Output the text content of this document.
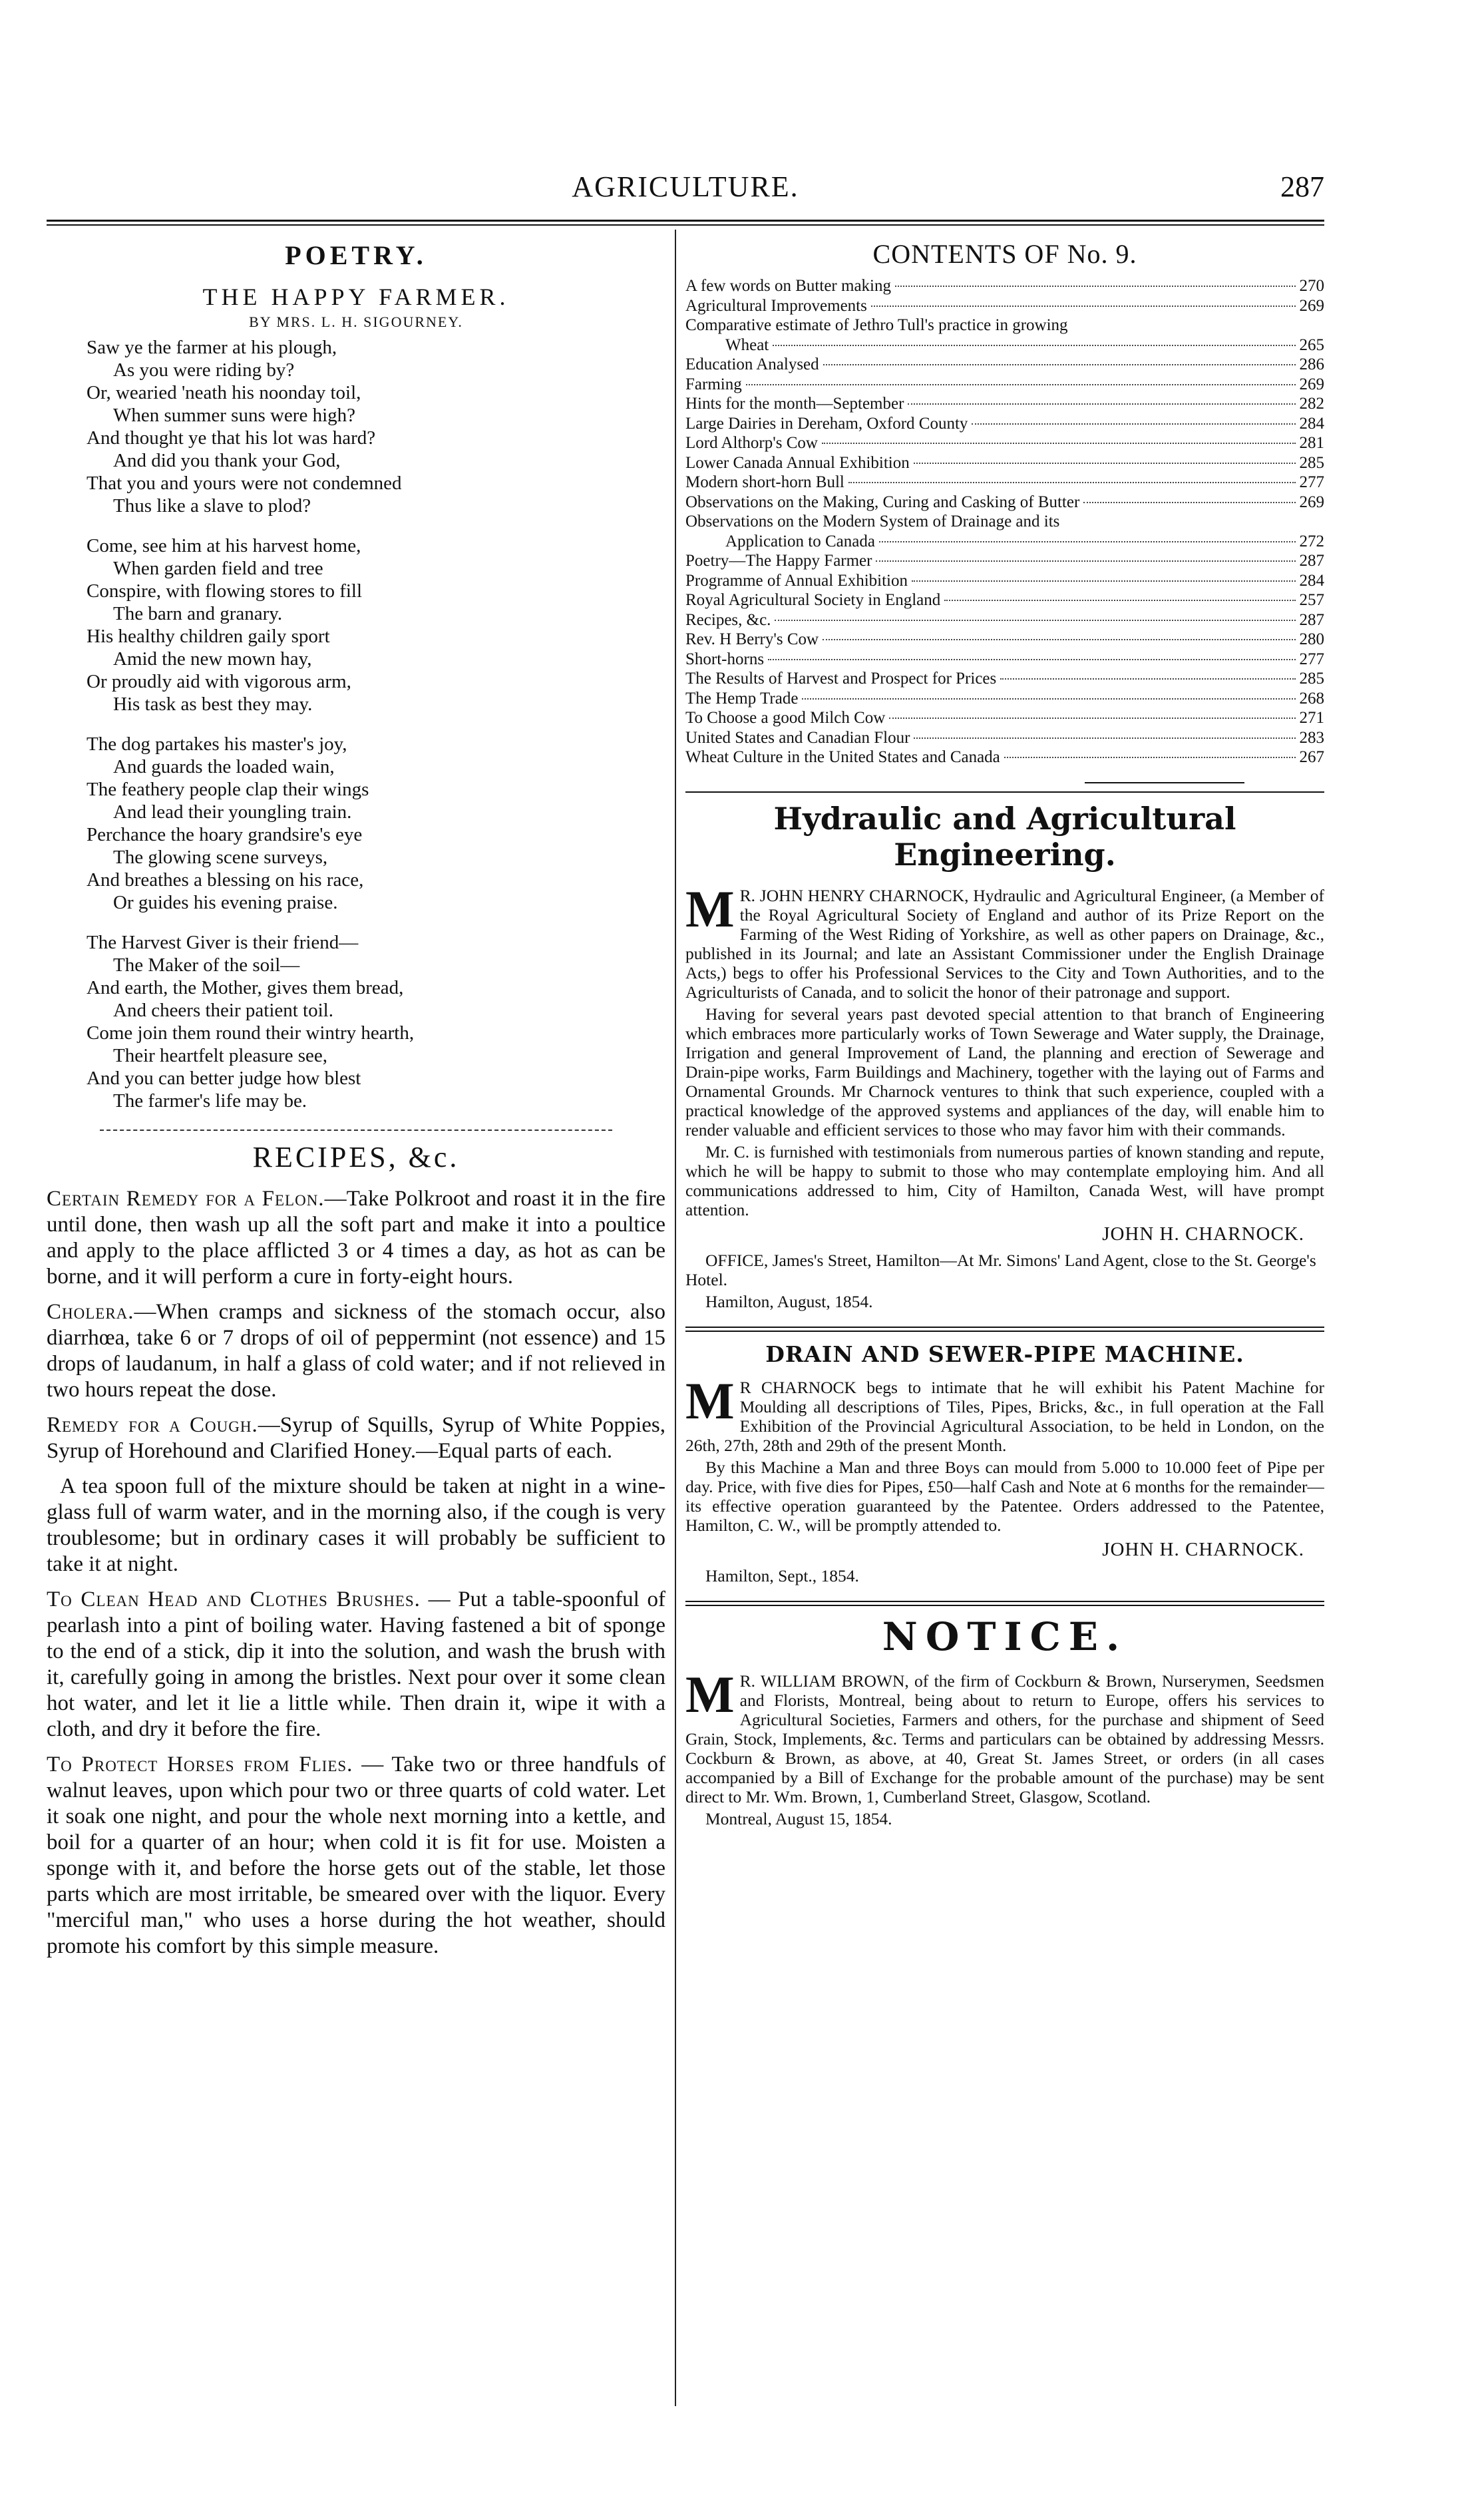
AGRICULTURE.	287
POETRY.
THE HAPPY FARMER.
BY MRS. L. H. SIGOURNEY.
Saw ye the farmer at his plough,
As you were riding by?
Or, wearied 'neath his noonday toil,
When summer suns were high?
And thought ye that his lot was hard?
And did you thank your God,
That you and yours were not condemned
Thus like a slave to plod?
Come, see him at his harvest home,
When garden field and tree
Conspire, with flowing stores to fill
The barn and granary.
His healthy children gaily sport
Amid the new mown hay,
Or proudly aid with vigorous arm,
His task as best they may.
The dog partakes his master's joy,
And guards the loaded wain,
The feathery people clap their wings
And lead their youngling train.
Perchance the hoary grandsire's eye
The glowing scene surveys,
And breathes a blessing on his race,
Or guides his evening praise.
The Harvest Giver is their friend—
The Maker of the soil—
And earth, the Mother, gives them bread,
And cheers their patient toil.
Come join them round their wintry hearth,
Their heartfelt pleasure see,
And you can better judge how blest
The farmer's life may be.
RECIPES, &c.
Certain Remedy for a Felon.—Take Polkroot and roast it in the fire until done, then wash up all the soft part and make it into a poultice and apply to the place afflicted 3 or 4 times a day, as hot as can be borne, and it will perform a cure in forty-eight hours.
Cholera.—When cramps and sickness of the stomach occur, also diarrhœa, take 6 or 7 drops of oil of peppermint (not essence) and 15 drops of laudanum, in half a glass of cold water; and if not relieved in two hours repeat the dose.
Remedy for a Cough.—Syrup of Squills, Syrup of White Poppies, Syrup of Horehound and Clarified Honey.—Equal parts of each.
A tea spoon full of the mixture should be taken at night in a wine-glass full of warm water, and in the morning also, if the cough is very troublesome; but in ordinary cases it will probably be sufficient to take it at night.
To Clean Head and Clothes Brushes. — Put a table-spoonful of pearlash into a pint of boiling water. Having fastened a bit of sponge to the end of a stick, dip it into the solution, and wash the brush with it, carefully going in among the bristles. Next pour over it some clean hot water, and let it lie a little while. Then drain it, wipe it with a cloth, and dry it before the fire.
To Protect Horses from Flies. — Take two or three handfuls of walnut leaves, upon which pour two or three quarts of cold water. Let it soak one night, and pour the whole next morning into a kettle, and boil for a quarter of an hour; when cold it is fit for use. Moisten a sponge with it, and before the horse gets out of the stable, let those parts which are most irritable, be smeared over with the liquor. Every "merciful man," who uses a horse during the hot weather, should promote his comfort by this simple measure.
CONTENTS OF No. 9.
A few words on Butter making	270
Agricultural Improvements	269
Comparative estimate of Jethro Tull's practice in growing
Wheat	265
Education Analysed	286
Farming	269
Hints for the month—September	282
Large Dairies in Dereham, Oxford County	284
Lord Althorp's Cow	281
Lower Canada Annual Exhibition	285
Modern short-horn Bull	277
Observations on the Making, Curing and Casking of Butter	269
Observations on the Modern System of Drainage and its
Application to Canada	272
Poetry—The Happy Farmer	287
Programme of Annual Exhibition	284
Royal Agricultural Society in England	257
Recipes, &c.	287
Rev. H Berry's Cow	280
Short-horns	277
The Results of Harvest and Prospect for Prices	285
The Hemp Trade	268
To Choose a good Milch Cow	271
United States and Canadian Flour	283
Wheat Culture in the United States and Canada	267
Hydraulic and Agricultural Engineering.
M R. JOHN HENRY CHARNOCK, Hydraulic and Agricultural Engineer, (a Member of the Royal Agricultural Society of England and author of its Prize Report on the Farming of the West Riding of Yorkshire, as well as other papers on Drainage, &c., published in its Journal; and late an Assistant Commissioner under the English Drainage Acts,) begs to offer his Professional Services to the City and Town Authorities, and to the Agriculturists of Canada, and to solicit the honor of their patronage and support.
Having for several years past devoted special attention to that branch of Engineering which embraces more particularly works of Town Sewerage and Water supply, the Drainage, Irrigation and general Improvement of Land, the planning and erection of Sewerage and Drain-pipe works, Farm Buildings and Machinery, together with the laying out of Farms and Ornamental Grounds. Mr Charnock ventures to think that such experience, coupled with a practical knowledge of the approved systems and appliances of the day, will enable him to render valuable and efficient services to those who may favor him with their commands.
Mr. C. is furnished with testimonials from numerous parties of known standing and repute, which he will be happy to submit to those who may contemplate employing him. And all communications addressed to him, City of Hamilton, Canada West, will have prompt attention.
JOHN H. CHARNOCK.
OFFICE, James's Street, Hamilton—At Mr. Simons' Land Agent, close to the St. George's Hotel.
Hamilton, August, 1854.
DRAIN AND SEWER-PIPE MACHINE.
M R CHARNOCK begs to intimate that he will exhibit his Patent Machine for Moulding all descriptions of Tiles, Pipes, Bricks, &c., in full operation at the Fall Exhibition of the Provincial Agricultural Association, to be held in London, on the 26th, 27th, 28th and 29th of the present Month.
By this Machine a Man and three Boys can mould from 5.000 to 10.000 feet of Pipe per day. Price, with five dies for Pipes, £50—half Cash and Note at 6 months for the remainder—its effective operation guaranteed by the Patentee. Orders addressed to the Patentee, Hamilton, C. W., will be promptly attended to.
JOHN H. CHARNOCK.
Hamilton, Sept., 1854.
NOTICE.
M R. WILLIAM BROWN, of the firm of Cockburn & Brown, Nurserymen, Seedsmen and Florists, Montreal, being about to return to Europe, offers his services to Agricultural Societies, Farmers and others, for the purchase and shipment of Seed Grain, Stock, Implements, &c. Terms and particulars can be obtained by addressing Messrs. Cockburn & Brown, as above, at 40, Great St. James Street, or orders (in all cases accompanied by a Bill of Exchange for the probable amount of the purchase) may be sent direct to Mr. Wm. Brown, 1, Cumberland Street, Glasgow, Scotland.
Montreal, August 15, 1854.
